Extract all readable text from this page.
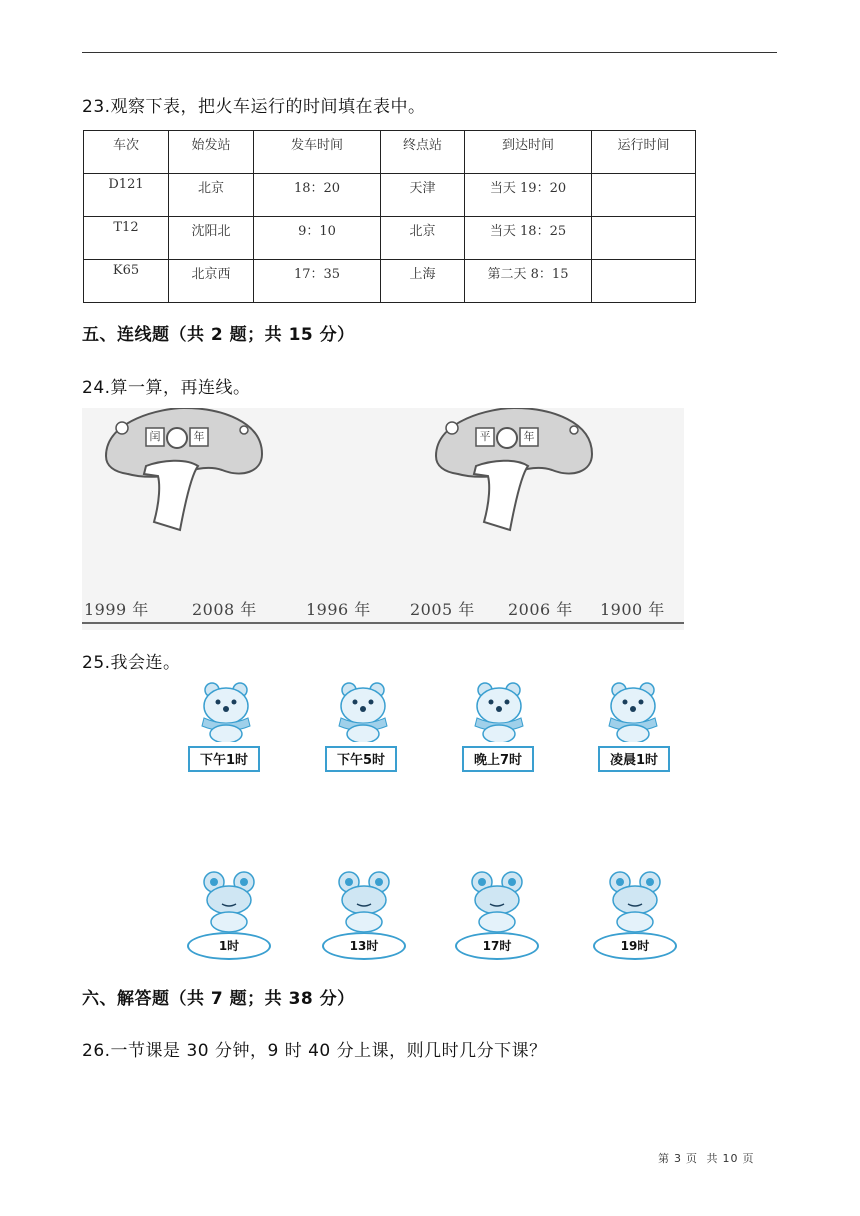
23.观察下表，把火车运行的时间填在表中。
车次	始发站	发车时间	终点站	到达时间	运行时间
D121	北京	18：20	天津	当天 19：20	
T12	沈阳北	9：10	北京	当天 18：25	
K65	北京西	17：35	上海	第二天 8：15	
五、连线题（共 2 题；共 15 分）
24.算一算，再连线。
闰	年	平	年
1999 年	2008 年	1996 年 2005 年 2006 年 1900 年
25.我会连。
下午1时	下午5时	晚上7时	凌晨1时
1时	13时	17时	19时
六、解答题（共 7 题；共 38 分）
26.一节课是 30 分钟，9 时 40 分上课，则几时几分下课？
第 3 页 共 10 页
